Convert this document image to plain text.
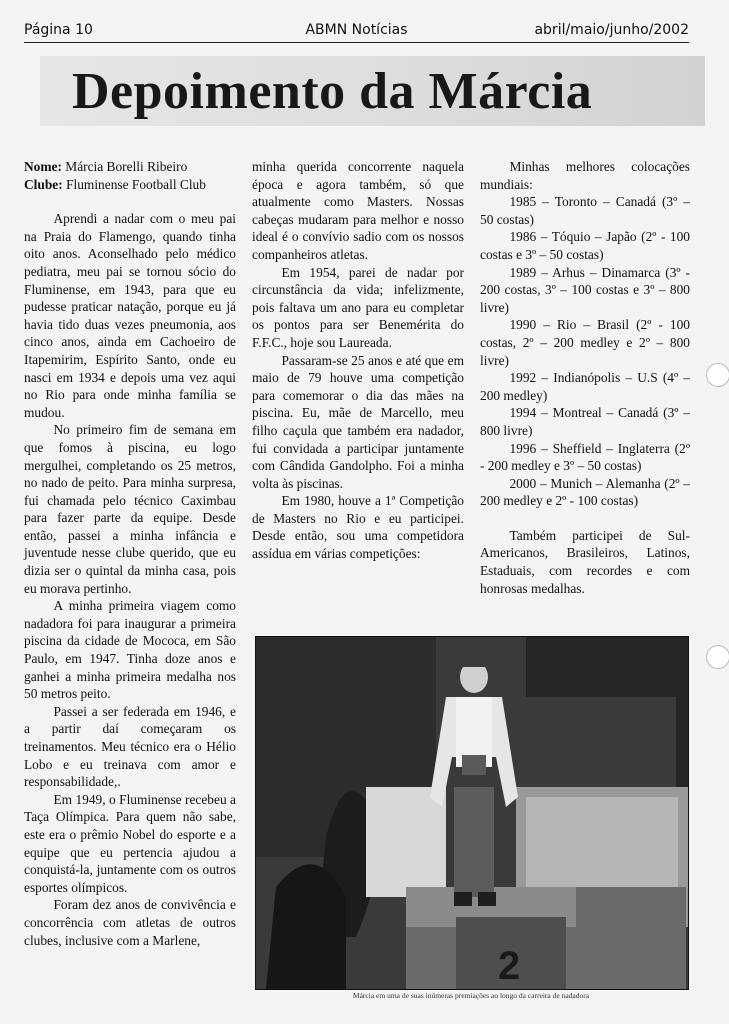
Página 10	ABMN Notícias	abril/maio/junho/2002
Depoimento da Márcia

Nome: Márcia Borelli Ribeiro

Clube: Fluminense Football Club

Aprendi a nadar com o meu pai na Praia do Flamengo, quando tinha oito anos. Aconselhado pelo médico pediatra, meu pai se tornou sócio do Fluminense, em 1943, para que eu pudesse praticar natação, porque eu já havia tido duas vezes pneumonia, aos cinco anos, ainda em Cachoeiro de Itapemirim, Espírito Santo, onde eu nasci em 1934 e depois uma vez aqui no Rio para onde minha família se mudou.

No primeiro fim de semana em que fomos à piscina, eu logo mergulhei, completando os 25 metros, no nado de peito. Para minha surpresa, fui chamada pelo técnico Caximbau para fazer parte da equipe. Desde então, passei a minha infância e juventude nesse clube querido, que eu dizia ser o quintal da minha casa, pois eu morava pertinho.

A minha primeira viagem como nadadora foi para inaugurar a primeira piscina da cidade de Mococa, em São Paulo, em 1947. Tinha doze anos e ganhei a minha primeira medalha nos 50 metros peito.

Passei a ser federada em 1946, e a partir daí começaram os treinamentos. Meu técnico era o Hélio Lobo e eu treinava com amor e responsabilidade,.

Em 1949, o Fluminense recebeu a Taça Olímpica. Para quem não sabe, este era o prêmio Nobel do esporte e a equipe que eu pertencia ajudou a conquistá-la, juntamente com os outros esportes olímpicos.

Foram dez anos de convivência e concorrência com atletas de outros clubes, inclusive com a Marlene,

minha querida concorrente naquela época e agora também, só que atualmente como Masters. Nossas cabeças mudaram para melhor e nosso ideal é o convívio sadio com os nossos companheiros atletas.

Em 1954, parei de nadar por circunstância da vida; infelizmente, pois faltava um ano para eu completar os pontos para ser Benemérita do F.F.C., hoje sou Laureada.

Passaram-se 25 anos e até que em maio de 79 houve uma competição para comemorar o dia das mães na piscina. Eu, mãe de Marcello, meu filho caçula que também era nadador, fui convidada a participar juntamente com Cândida Gandolpho. Foi a minha volta às piscinas.

Em 1980, houve a 1ª Competição de Masters no Rio e eu participei. Desde então, sou uma competidora assídua em várias competições:

Minhas melhores colocações mundiais:

1985 – Toronto – Canadá (3º – 50 costas)

1986 – Tóquio – Japão (2º - 100 costas e 3º – 50 costas)

1989 – Arhus – Dinamarca (3º - 200 costas, 3º – 100 costas e 3º – 800 livre)

1990 – Rio – Brasil (2º - 100 costas, 2º – 200 medley e 2º – 800 livre)

1992 – Indianópolis – U.S (4º – 200 medley)

1994 – Montreal – Canadá (3º – 800 livre)

1996 – Sheffield – Inglaterra (2º - 200 medley e 3º – 50 costas)

2000 – Munich – Alemanha (2º – 200 medley e 2º - 100 costas)

Também participei de Sul-Americanos, Brasileiros, Latinos, Estaduais, com recordes e com honrosas medalhas.

2
Márcia em uma de suas inúmeras premiações ao longo da carreira de nadadora
